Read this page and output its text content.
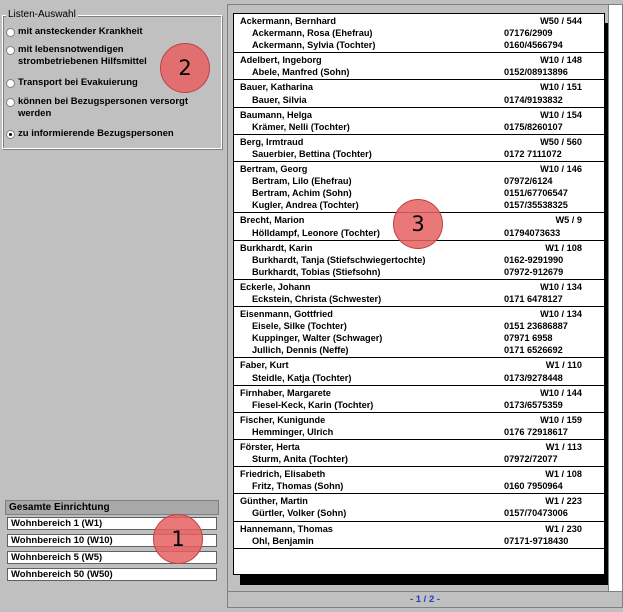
Listen-Auswahl
mit ansteckender Krankheit
mit lebensnotwendigen strombetriebenen Hilfsmittel
Transport bei Evakuierung
können bei Bezugspersonen versorgt werden
zu informierende Bezugspersonen
Gesamte Einrichtung
Wohnbereich 1 (W1)
Wohnbereich 10 (W10)
Wohnbereich 5 (W5)
Wohnbereich 50 (W50)
Ackermann, Bernhard	W50 / 544
Ackermann, Rosa (Ehefrau)	07176/2909
Ackermann, Sylvia (Tochter)	0160/4566794
Adelbert, Ingeborg	W10 / 148
Abele, Manfred (Sohn)	0152/08913896
Bauer, Katharina	W10 / 151
Bauer, Silvia	0174/9193832
Baumann, Helga	W10 / 154
Krämer, Nelli (Tochter)	0175/8260107
Berg, Irmtraud	W50 / 560
Sauerbier, Bettina (Tochter)	0172 7111072
Bertram, Georg	W10 / 146
Bertram, Lilo (Ehefrau)	07972/6124
Bertram, Achim (Sohn)	0151/67706547
Kugler, Andrea (Tochter)	0157/35538325
Brecht, Marion	W5 / 9
Hölldampf, Leonore (Tochter)	01794073633
Burkhardt, Karin	W1 / 108
Burkhardt, Tanja (Stiefschwiegertochte)	0162-9291990
Burkhardt, Tobias (Stiefsohn)	07972-912679
Eckerle, Johann	W10 / 134
Eckstein, Christa (Schwester)	0171 6478127
Eisenmann, Gottfried	W10 / 134
Eisele, Silke (Tochter)	0151 23686887
Kuppinger, Walter (Schwager)	07971 6958
Jullich, Dennis (Neffe)	0171 6526692
Faber, Kurt	W1 / 110
Steidle, Katja (Tochter)	0173/9278448
Firnhaber, Margarete	W10 / 144
Fiesel-Keck, Karin (Tochter)	0173/6575359
Fischer, Kunigunde	W10 / 159
Hemminger, Ulrich	0176 72918617
Förster, Herta	W1 / 113
Sturm, Anita (Tochter)	07972/72077
Friedrich, Elisabeth	W1 / 108
Fritz, Thomas (Sohn)	0160 7950964
Günther, Martin	W1 / 223
Gürtler, Volker (Sohn)	0157/70473006
Hannemann, Thomas	W1 / 230
Ohl, Benjamin	07171-9718430
- 1 / 2 -
1
2
3
